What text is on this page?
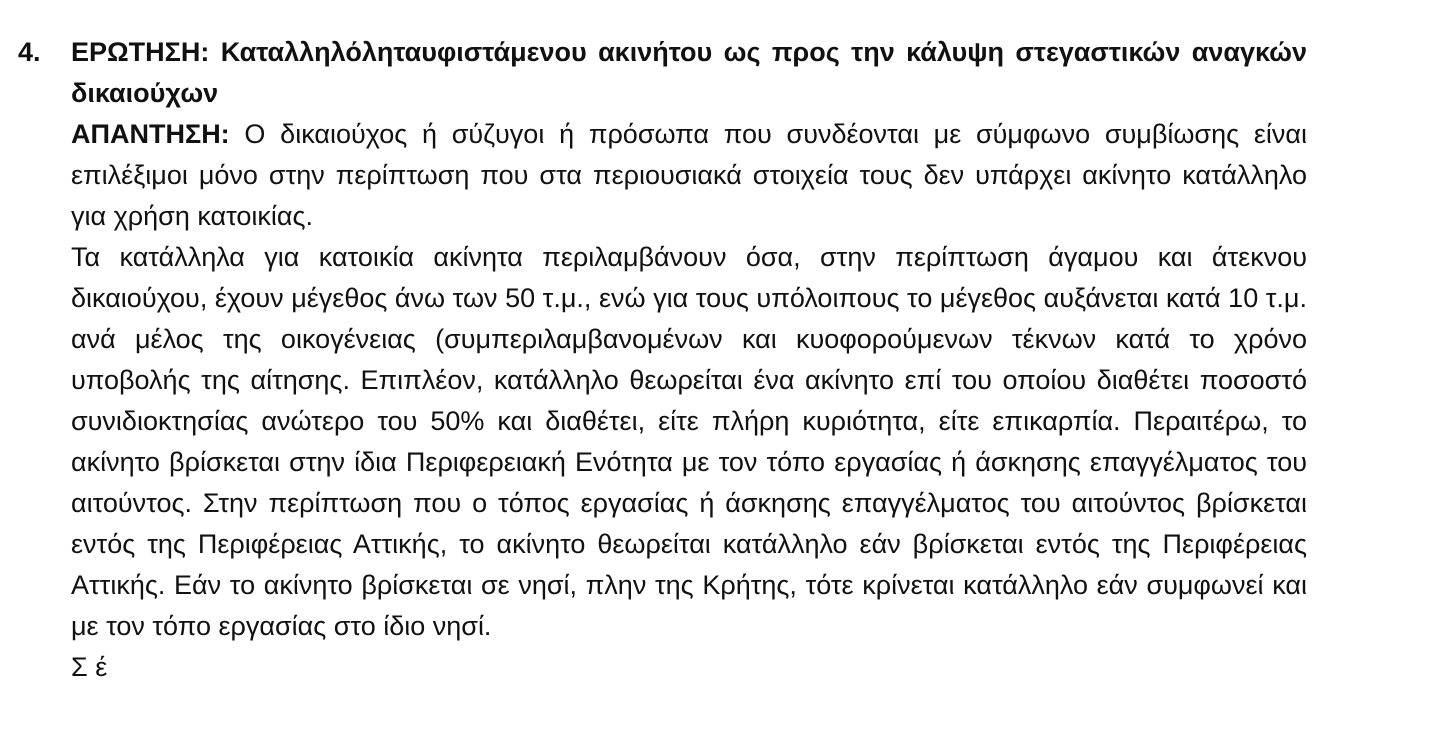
4. ΕΡΩΤΗΣΗ: Καταλληλόληταυφιστάμενου ακινήτου ως προς την κάλυψη στεγαστικών αναγκών δικαιούχων

ΑΠΑΝΤΗΣΗ: Ο δικαιούχος ή σύζυγοι ή πρόσωπα που συνδέονται με σύμφωνο συμβίωσης είναι επιλέξιμοι μόνο στην περίπτωση που στα περιουσιακά στοιχεία τους δεν υπάρχει ακίνητο κατάλληλο για χρήση κατοικίας.

Τα κατάλληλα για κατοικία ακίνητα περιλαμβάνουν όσα, στην περίπτωση άγαμου και άτεκνου δικαιούχου, έχουν μέγεθος άνω των 50 τ.μ., ενώ για τους υπόλοιπους το μέγεθος αυξάνεται κατά 10 τ.μ. ανά μέλος της οικογένειας (συμπεριλαμβανομένων και κυοφορούμενων τέκνων κατά το χρόνο υποβολής της αίτησης. Επιπλέον, κατάλληλο θεωρείται ένα ακίνητο επί του οποίου διαθέτει ποσοστό συνιδιοκτησίας ανώτερο του 50% και διαθέτει, είτε πλήρη κυριότητα, είτε επικαρπία. Περαιτέρω, το ακίνητο βρίσκεται στην ίδια Περιφερειακή Ενότητα με τον τόπο εργασίας ή άσκησης επαγγέλματος του αιτούντος. Στην περίπτωση που ο τόπος εργασίας ή άσκησης επαγγέλματος του αιτούντος βρίσκεται εντός της Περιφέρειας Αττικής, το ακίνητο θεωρείται κατάλληλο εάν βρίσκεται εντός της Περιφέρειας Αττικής. Εάν το ακίνητο βρίσκεται σε νησί, πλην της Κρήτης, τότε κρίνεται κατάλληλο εάν συμφωνεί και με τον τόπο εργασίας στο ίδιο νησί.

Σ έ
